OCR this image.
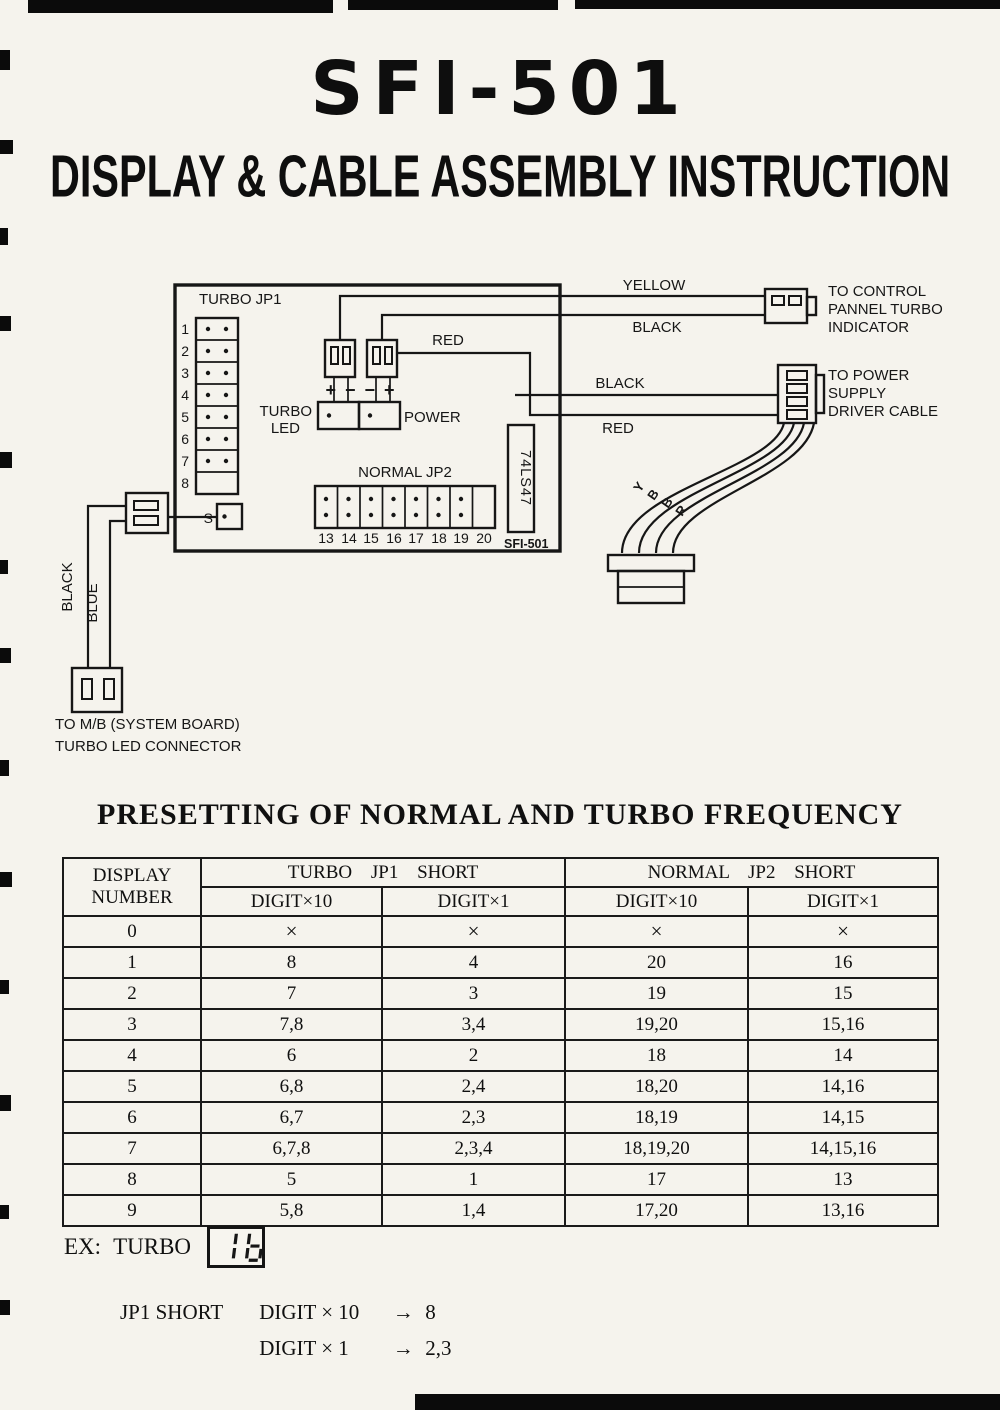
SFI-501
DISPLAY & CABLE ASSEMBLY INSTRUCTION
TURBO JP1
1
2
3
4
5
6
7
8
S
+ − − +
TURBO
LED
POWER
RED
NORMAL JP2
13 14 15 16 17 18 19 20
74LS47
SFI-501
YELLOW
BLACK
BLACK
RED
Y
B
B
R
BLACK BLUE
TO CONTROL
PANNEL TURBO
INDICATOR
TO POWER
SUPPLY
DRIVER CABLE
TO M/B (SYSTEM BOARD)
TURBO LED CONNECTOR
PRESETTING OF NORMAL AND TURBO FREQUENCY
DISPLAY
NUMBER	TURBO JP1 SHORT		NORMAL JP2 SHORT	
	DIGIT×10	DIGIT×1	DIGIT×10	DIGIT×1
0	×	×	×	×
1	8	4	20	16
2	7	3	19	15
3	7,8	3,4	19,20	15,16
4	6	2	18	14
5	6,8	2,4	18,20	14,16
6	6,7	2,3	18,19	14,15
7	6,7,8	2,3,4	18,19,20	14,15,16
8	5	1	17	13
9	5,8	1,4	17,20	13,16
EX: TURBO
JP1 SHORT DIGIT × 10	→ 8
DIGIT × 1	→ 2,3
